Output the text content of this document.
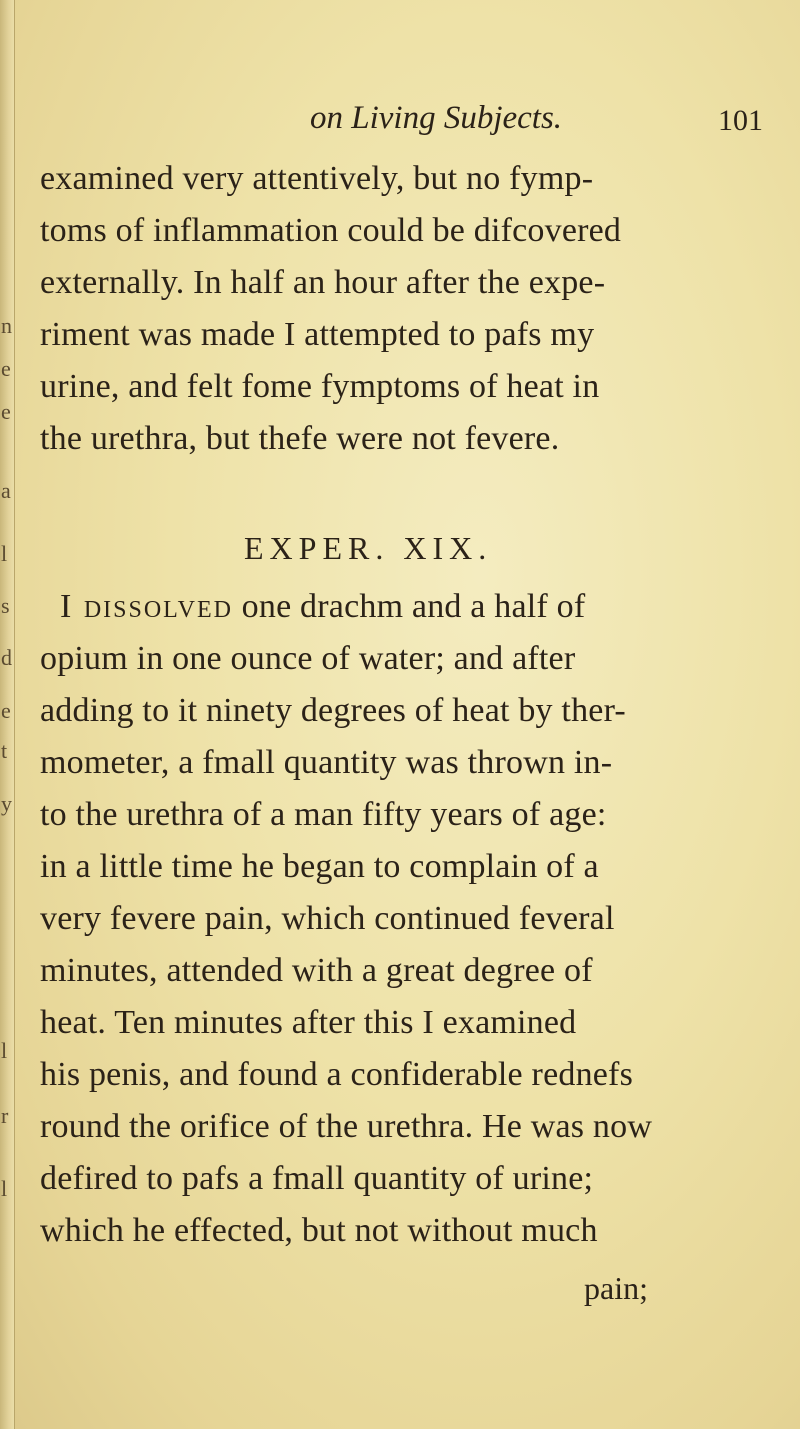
n
e
e
a
l
s
d
e
t
y
l
r
l
on Living Subjects.	101
examined very attentively, but no fymp-
toms of inflammation could be difcovered
externally. In half an hour after the expe-
riment was made I attempted to pafs my
urine, and felt fome fymptoms of heat in
the urethra, but thefe were not fevere.
EXPER. XIX.
I dissolved one drachm and a half of
opium in one ounce of water; and after
adding to it ninety degrees of heat by ther-
mometer, a fmall quantity was thrown in-
to the urethra of a man fifty years of age:
in a little time he began to complain of a
very fevere pain, which continued feveral
minutes, attended with a great degree of
heat. Ten minutes after this I examined
his penis, and found a confiderable rednefs
round the orifice of the urethra. He was now
defired to pafs a fmall quantity of urine;
which he effected, but not without much
pain;
